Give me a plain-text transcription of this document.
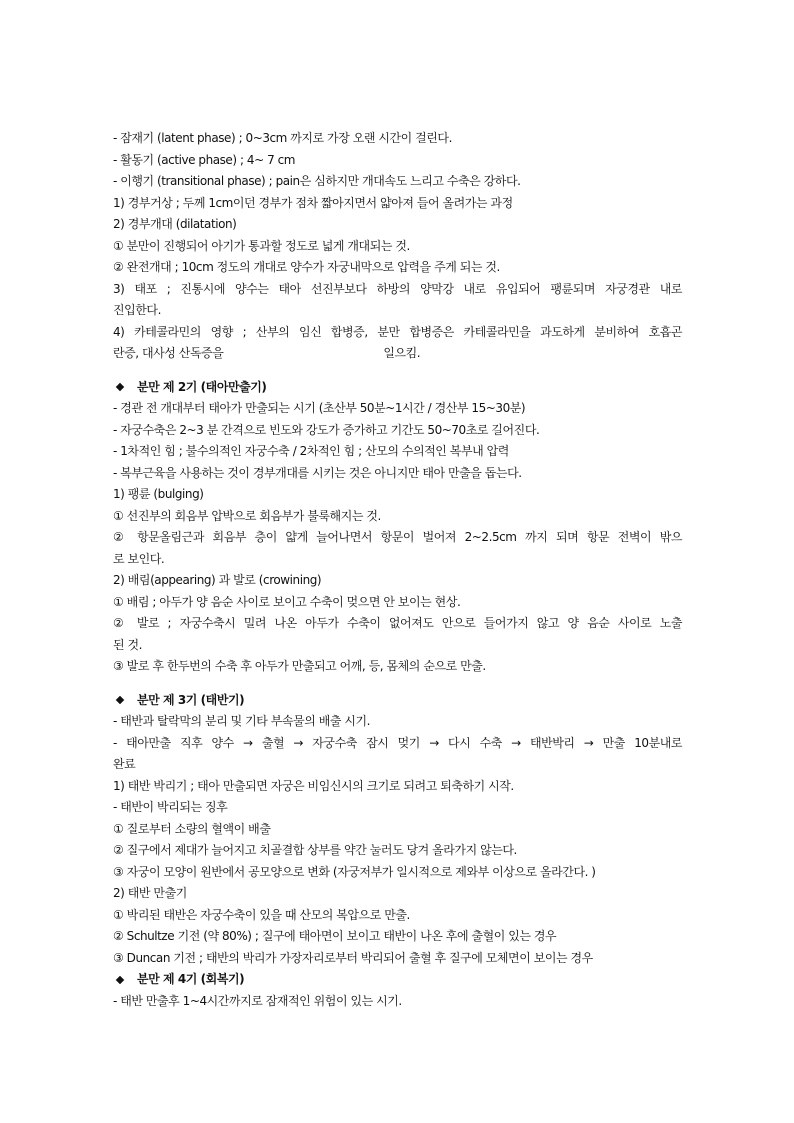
- 잠재기 (latent phase) ; 0~3cm 까지로 가장 오랜 시간이 걸린다.
- 활동기 (active phase) ; 4~ 7 cm
- 이행기 (transitional phase) ; pain은 심하지만 개대속도 느리고 수축은 강하다.
1) 경부거상 ; 두께 1cm이던 경부가 점차 짧아지면서 얇아져 들어 올려가는 과정
2) 경부개대 (dilatation)
① 분만이 진행되어 아기가 통과할 정도로 넓게 개대되는 것.
② 완전개대 ; 10cm 정도의 개대로 양수가 자궁내막으로 압력을 주게 되는 것.
3) 태포 ; 진통시에 양수는 태아 선진부보다 하방의 양막강 내로 유입되어 팽륜되며 자궁경관 내로
진입한다.
4) 카테콜라민의 영향 ; 산부의 임신 합병증, 분만 합병증은 카테콜라민을 과도하게 분비하여 호흡곤
란증, 대사성 산독증을	일으킴.
분만 제 2기 (태아만출기)
- 경관 전 개대부터 태아가 만출되는 시기 (초산부 50분~1시간 / 경산부 15~30분)
- 자궁수축은 2~3 분 간격으로 빈도와 강도가 증가하고 기간도 50~70초로 길어진다.
- 1차적인 힘 ; 불수의적인 자궁수축 / 2차적인 힘 ; 산모의 수의적인 복부내 압력
- 복부근육을 사용하는 것이 경부개대를 시키는 것은 아니지만 태아 만출을 돕는다.
1) 팽륜 (bulging)
① 선진부의 회음부 압박으로 회음부가 불룩해지는 것.
② 항문올림근과 회음부 층이 얇게 늘어나면서 항문이 벌어져 2~2.5cm 까지 되며 항문 전벽이 밖으
로 보인다.
2) 배림(appearing) 과 발로 (crowining)
① 배림 ; 아두가 양 음순 사이로 보이고 수축이 멎으면 안 보이는 현상.
② 발로 ; 자궁수축시 밀려 나온 아두가 수축이 없어져도 안으로 들어가지 않고 양 음순 사이로 노출
된 것.
③ 발로 후 한두번의 수축 후 아두가 만출되고 어깨, 등, 몸체의 순으로 만출.
분만 제 3기 (태반기)
- 태반과 탈락막의 분리 및 기타 부속물의 배출 시기.
- 태아만출 직후 양수 → 출혈 → 자궁수축 잠시 멎기 → 다시 수축 → 태반박리 → 만출 10분내로
완료
1) 태반 박리기 ; 태아 만출되면 자궁은 비임신시의 크기로 되려고 퇴축하기 시작.
- 태반이 박리되는 징후
① 질로부터 소량의 혈액이 배출
② 질구에서 제대가 늘어지고 치골결합 상부를 약간 눌러도 당겨 올라가지 않는다.
③ 자궁이 모양이 원반에서 공모양으로 변화 (자궁저부가 일시적으로 제와부 이상으로 올라간다. )
2) 태반 만출기
① 박리된 태반은 자궁수축이 있을 때 산모의 복압으로 만출.
② Schultze 기전 (약 80%) ; 질구에 태아면이 보이고 태반이 나온 후에 출혈이 있는 경우
③ Duncan 기전 ; 태반의 박리가 가장자리로부터 박리되어 출혈 후 질구에 모체면이 보이는 경우
분만 제 4기 (회복기)
- 태반 만출후 1~4시간까지로 잠재적인 위험이 있는 시기.
